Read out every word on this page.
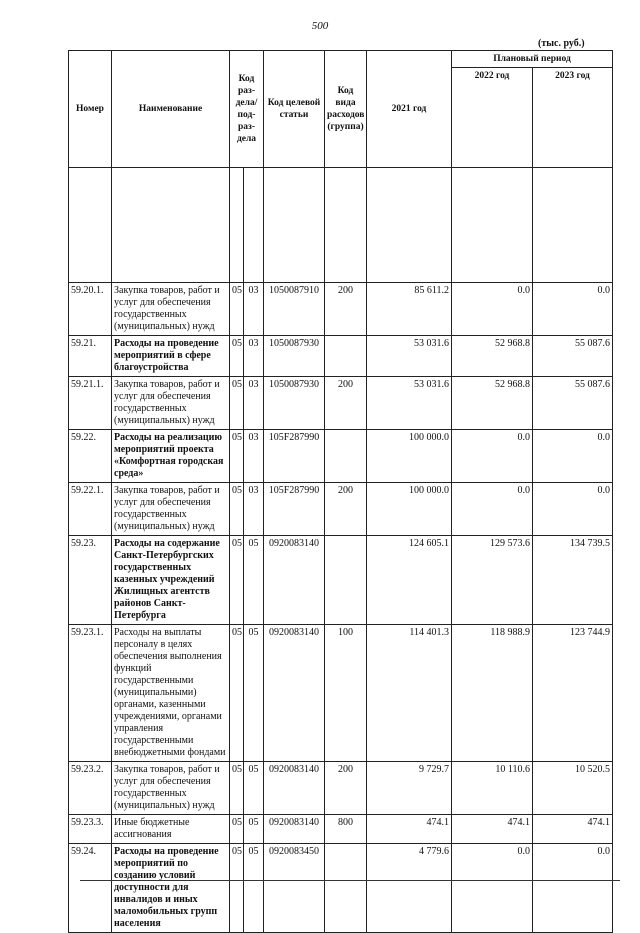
500
(тыс. руб.)
Номер	Наименование	Код раз-дела/ под-раз-дела		Код целевой статьи	Код вида расходов (группа)	2021 год	Плановый период	
							2022 год	2023 год

59.20.1.	Закупка товаров, работ и услуг для обеспечения государственных (муниципальных) нужд	05	03	1050087910	200	85 611.2	0.0	0.0
59.21.	Расходы на проведение мероприятий в сфере благоустройства	05	03	1050087930		53 031.6	52 968.8	55 087.6
59.21.1.	Закупка товаров, работ и услуг для обеспечения государственных (муниципальных) нужд	05	03	1050087930	200	53 031.6	52 968.8	55 087.6
59.22.	Расходы на реализацию мероприятий проекта «Комфортная городская среда»	05	03	105F287990		100 000.0	0.0	0.0
59.22.1.	Закупка товаров, работ и услуг для обеспечения государственных (муниципальных) нужд	05	03	105F287990	200	100 000.0	0.0	0.0
59.23.	Расходы на содержание Санкт-Петербургских государственных казенных учреждений Жилищных агентств районов Санкт-Петербурга	05	05	0920083140		124 605.1	129 573.6	134 739.5
59.23.1.	Расходы на выплаты персоналу в целях обеспечения выполнения функций государственными (муниципальными) органами, казенными учреждениями, органами управления государственными внебюджетными фондами	05	05	0920083140	100	114 401.3	118 988.9	123 744.9
59.23.2.	Закупка товаров, работ и услуг для обеспечения государственных (муниципальных) нужд	05	05	0920083140	200	9 729.7	10 110.6	10 520.5
59.23.3.	Иные бюджетные ассигнования	05	05	0920083140	800	474.1	474.1	474.1
59.24.	Расходы на проведение мероприятий по созданию условий доступности для инвалидов и иных маломобильных групп населения	05	05	0920083450		4 779.6	0.0	0.0
